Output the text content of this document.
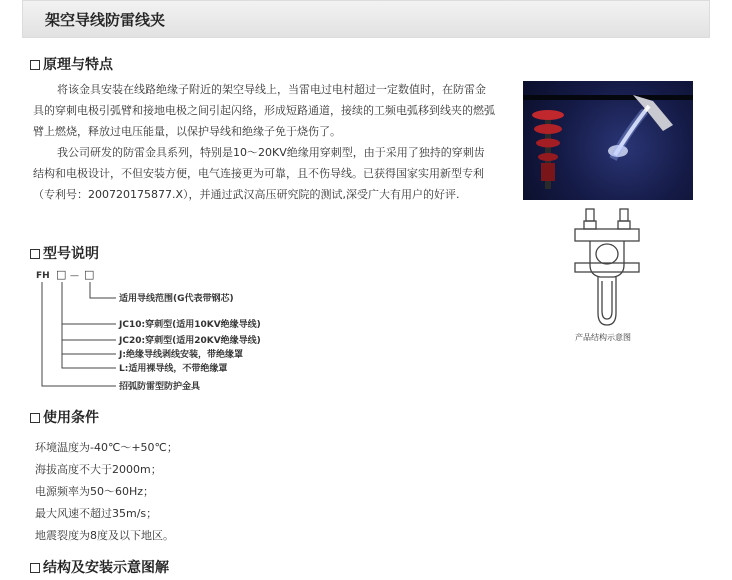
架空导线防雷线夹
原理与特点

将该金具安装在线路绝缘子附近的架空导线上，当雷电过电村超过一定数值时，在防雷金具的穿刺电极引弧臂和接地电极之间引起闪络，形成短路通道，接续的工频电弧移到线夹的燃弧臂上燃烧，释放过电压能量，以保护导线和绝缘子免于烧伤了。

我公司研发的防雷金具系列，特别是10～20KV绝缘用穿刺型，由于采用了独持的穿刺齿结构和电极设计，不但安装方便，电气连接更为可靠，且不伤导线。已获得国家实用新型专利（专利号：200720175877.X），并通过武汉高压研究院的测试,深受广大有用户的好评.

产品结构示意图
型号说明
FH □ — □
适用导线范围(G代表带钢芯)
JC10:穿刺型(适用10KV绝缘导线)
JC20:穿刺型(适用20KV绝缘导线)
J:绝缘导线剥线安装，带绝缘罩
L:适用裸导线，不带绝缘罩
招弧防雷型防护金具
使用条件
环境温度为-40℃～+50℃；
海拔高度不大于2000m；
电源频率为50～60Hz；
最大风速不超过35m/s；
地震裂度为8度及以下地区。
结构及安装示意图解
